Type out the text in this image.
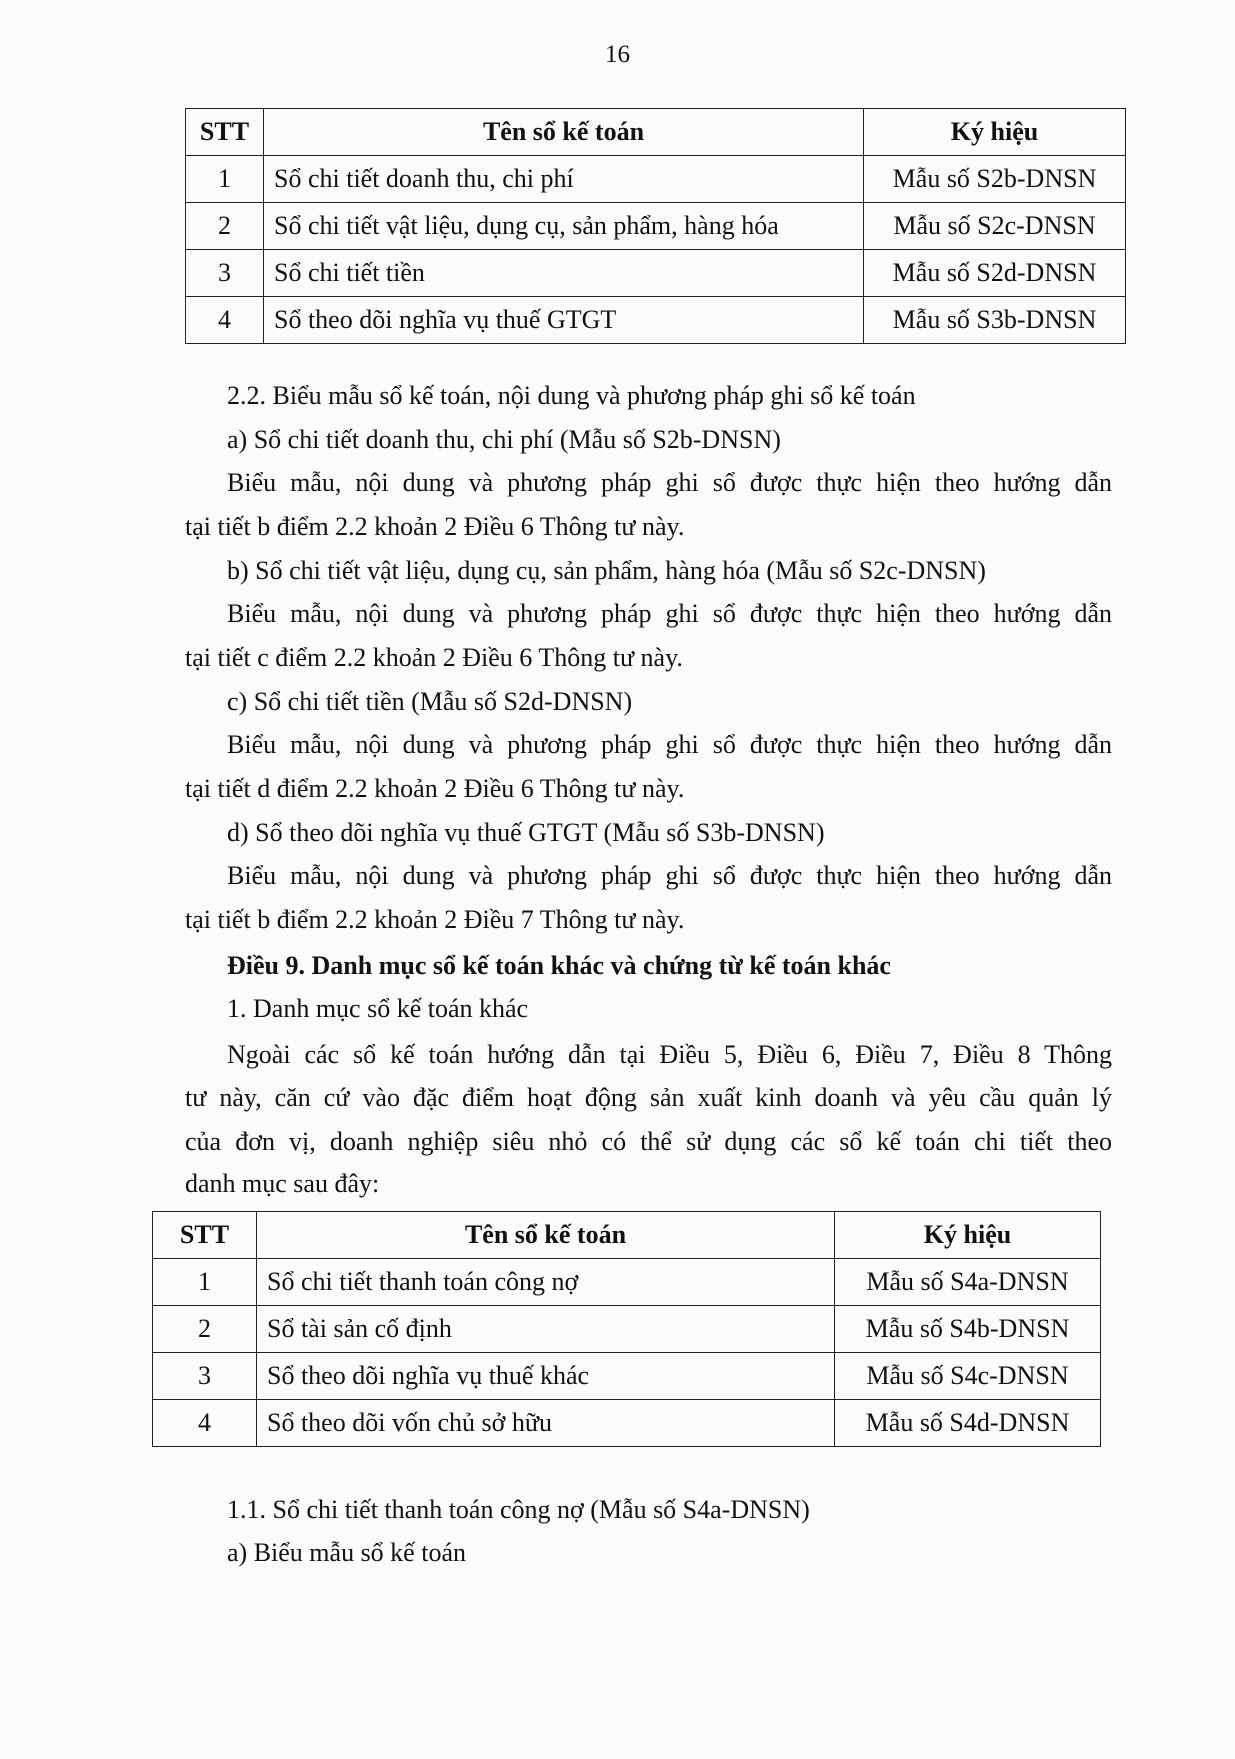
16
STT	Tên sổ kế toán	Ký hiệu
1	Sổ chi tiết doanh thu, chi phí	Mẫu số S2b-DNSN
2	Sổ chi tiết vật liệu, dụng cụ, sản phẩm, hàng hóa	Mẫu số S2c-DNSN
3	Sổ chi tiết tiền	Mẫu số S2d-DNSN
4	Sổ theo dõi nghĩa vụ thuế GTGT	Mẫu số S3b-DNSN
2.2. Biểu mẫu sổ kế toán, nội dung và phương pháp ghi sổ kế toán
a) Sổ chi tiết doanh thu, chi phí (Mẫu số S2b-DNSN)
Biểu mẫu, nội dung và phương pháp ghi sổ được thực hiện theo hướng dẫn
tại tiết b điểm 2.2 khoản 2 Điều 6 Thông tư này.
b) Sổ chi tiết vật liệu, dụng cụ, sản phẩm, hàng hóa (Mẫu số S2c-DNSN)
Biểu mẫu, nội dung và phương pháp ghi sổ được thực hiện theo hướng dẫn
tại tiết c điểm 2.2 khoản 2 Điều 6 Thông tư này.
c) Sổ chi tiết tiền (Mẫu số S2d-DNSN)
Biểu mẫu, nội dung và phương pháp ghi sổ được thực hiện theo hướng dẫn
tại tiết d điểm 2.2 khoản 2 Điều 6 Thông tư này.
d) Sổ theo dõi nghĩa vụ thuế GTGT (Mẫu số S3b-DNSN)
Biểu mẫu, nội dung và phương pháp ghi sổ được thực hiện theo hướng dẫn
tại tiết b điểm 2.2 khoản 2 Điều 7 Thông tư này.
Điều 9. Danh mục sổ kế toán khác và chứng từ kế toán khác
1. Danh mục sổ kế toán khác
Ngoài các sổ kế toán hướng dẫn tại Điều 5, Điều 6, Điều 7, Điều 8 Thông
tư này, căn cứ vào đặc điểm hoạt động sản xuất kinh doanh và yêu cầu quản lý
của đơn vị, doanh nghiệp siêu nhỏ có thể sử dụng các sổ kế toán chi tiết theo
danh mục sau đây:
STT	Tên sổ kế toán	Ký hiệu
1	Sổ chi tiết thanh toán công nợ	Mẫu số S4a-DNSN
2	Sổ tài sản cố định	Mẫu số S4b-DNSN
3	Sổ theo dõi nghĩa vụ thuế khác	Mẫu số S4c-DNSN
4	Sổ theo dõi vốn chủ sở hữu	Mẫu số S4d-DNSN
1.1. Sổ chi tiết thanh toán công nợ (Mẫu số S4a-DNSN)
a) Biểu mẫu sổ kế toán
